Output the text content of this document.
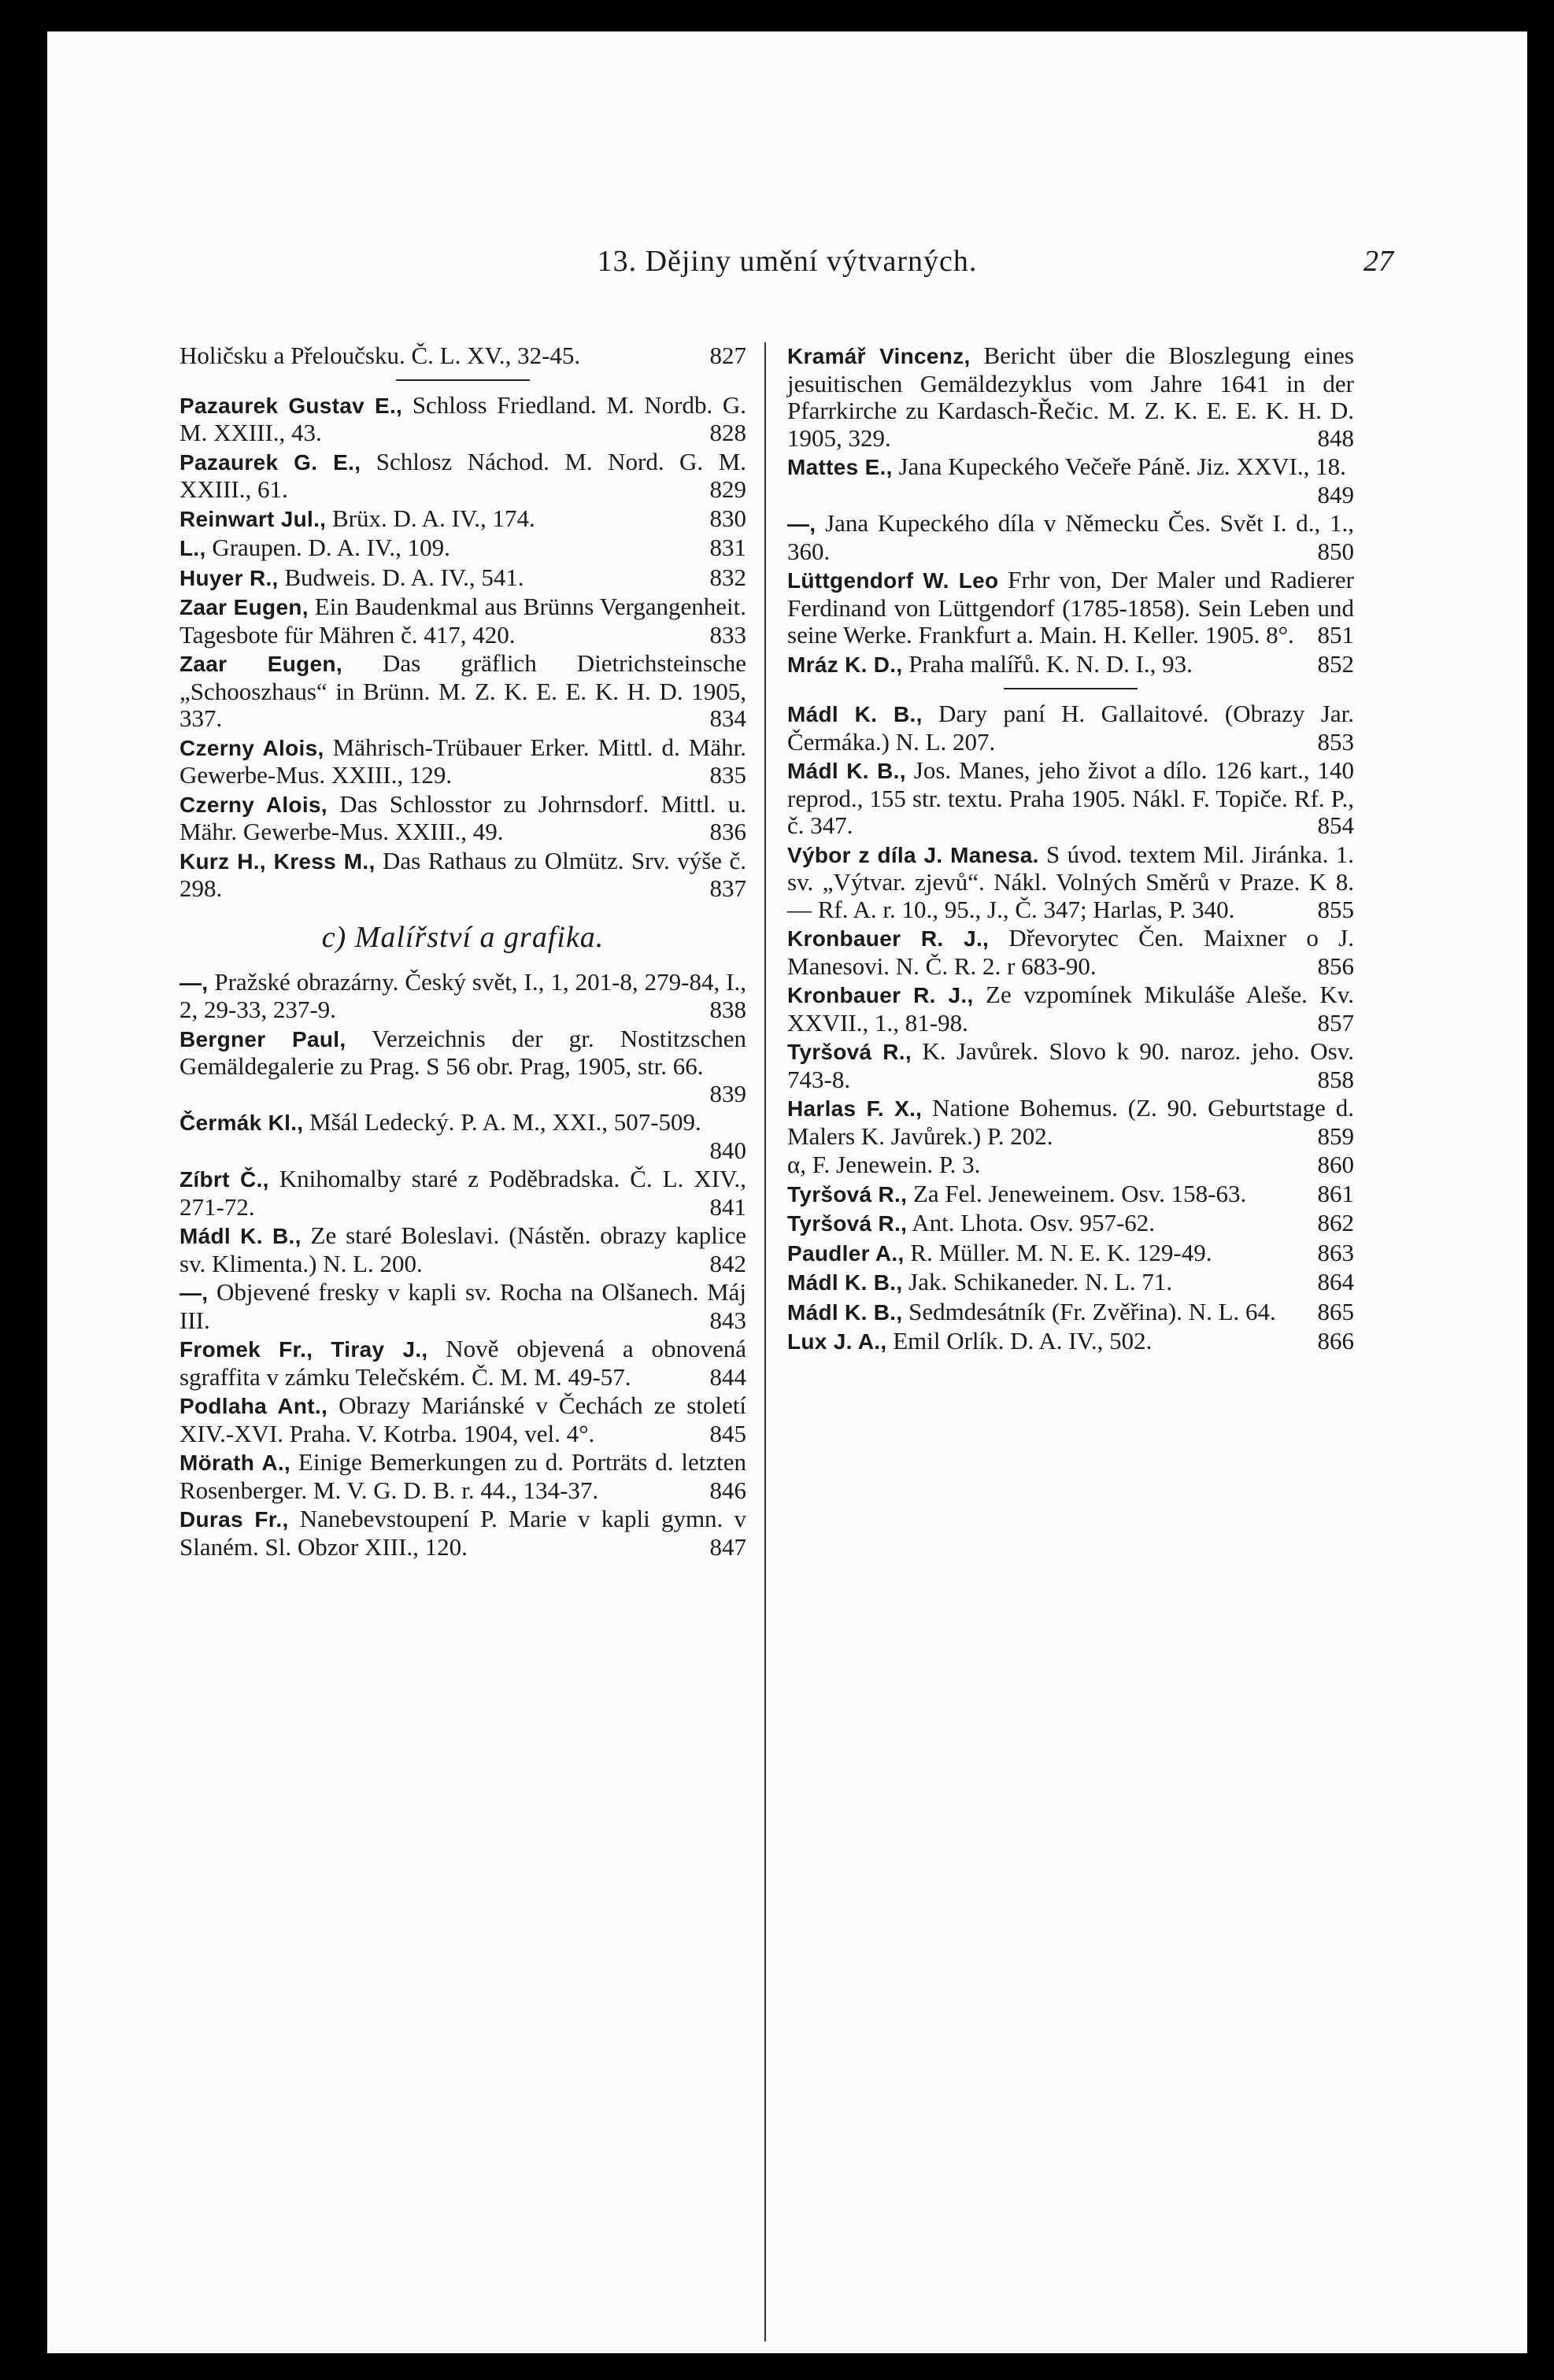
13. Dějiny umění výtvarných.	27

Holičsku a Přeloučsku. Č. L. XV., 32-45.	827

Pazaurek Gustav E., Schloss Friedland. M. Nordb. G. M. XXIII., 43.	828

Pazaurek G. E., Schlosz Náchod. M. Nord. G. M. XXIII., 61.	829

Reinwart Jul., Brüx. D. A. IV., 174.	830

L., Graupen. D. A. IV., 109.	831

Huyer R., Budweis. D. A. IV., 541.	832

Zaar Eugen, Ein Baudenkmal aus Brünns Vergangenheit. Tagesbote für Mähren č. 417, 420.	833

Zaar Eugen, Das gräflich Dietrichsteinsche „Schooszhaus“ in Brünn. M. Z. K. E. E. K. H. D. 1905, 337.	834

Czerny Alois, Mährisch-Trübauer Erker. Mittl. d. Mähr. Gewerbe-Mus. XXIII., 129.	835

Czerny Alois, Das Schlosstor zu Johrnsdorf. Mittl. u. Mähr. Gewerbe-Mus. XXIII., 49.	836

Kurz H., Kress M., Das Rathaus zu Olmütz. Srv. výše č. 298.	837

c) Malířství a grafika.

—, Pražské obrazárny. Český svět, I., 1, 201-8, 279-84, I., 2, 29-33, 237-9.	838

Bergner Paul, Verzeichnis der gr. Nostitzschen Gemäldegalerie zu Prag. S 56 obr. Prag, 1905, str. 66.
839

Čermák Kl., Mšál Ledecký. P. A. M., XXI., 507-509.
840

Zíbrt Č., Knihomalby staré z Poděbradska. Č. L. XIV., 271-72.	841

Mádl K. B., Ze staré Boleslavi. (Nástěn. obrazy kaplice sv. Klimenta.) N. L. 200.	842

—, Objevené fresky v kapli sv. Rocha na Olšanech. Máj III.	843

Fromek Fr., Tiray J., Nově objevená a obnovená sgraffita v zámku Telečském. Č. M. M. 49-57.	844

Podlaha Ant., Obrazy Mariánské v Čechách ze století XIV.-XVI. Praha. V. Kotrba. 1904, vel. 4°.	845

Mörath A., Einige Bemerkungen zu d. Porträts d. letzten Rosenberger. M. V. G. D. B. r. 44., 134-37.	846

Duras Fr., Nanebevstoupení P. Marie v kapli gymn. v Slaném. Sl. Obzor XIII., 120.	847

Kramář Vincenz, Bericht über die Bloszlegung eines jesuitischen Gemäldezyklus vom Jahre 1641 in der Pfarrkirche zu Kardasch-Řečic. M. Z. K. E. E. K. H. D. 1905, 329.	848

Mattes E., Jana Kupeckého Večeře Páně. Jiz. XXVI., 18.
849

—, Jana Kupeckého díla v Německu Čes. Svět I. d., 1., 360.	850

Lüttgendorf W. Leo Frhr von, Der Maler und Radierer Ferdinand von Lüttgendorf (1785-1858). Sein Leben und seine Werke. Frankfurt a. Main. H. Keller. 1905. 8°. 851

Mráz K. D., Praha malířů. K. N. D. I., 93.	852

Mádl K. B., Dary paní H. Gallaitové. (Obrazy Jar. Čermáka.) N. L. 207.	853

Mádl K. B., Jos. Manes, jeho život a dílo. 126 kart., 140 reprod., 155 str. textu. Praha 1905. Nákl. F. Topiče. Rf. P., č. 347.	854

Výbor z díla J. Manesa. S úvod. textem Mil. Jiránka. 1. sv. „Výtvar. zjevů“. Nákl. Volných Směrů v Praze. K 8. — Rf. A. r. 10., 95., J., Č. 347; Harlas, P. 340.	855

Kronbauer R. J., Dřevorytec Čen. Maixner o J. Manesovi. N. Č. R. 2. r 683-90.	856

Kronbauer R. J., Ze vzpomínek Mikuláše Aleše. Kv. XXVII., 1., 81-98.	857

Tyršová R., K. Javůrek. Slovo k 90. naroz. jeho. Osv. 743-8.	858

Harlas F. X., Natione Bohemus. (Z. 90. Geburtstage d. Malers K. Javůrek.) P. 202.	859

α, F. Jenewein. P. 3.	860

Tyršová R., Za Fel. Jeneweinem. Osv. 158-63.	861

Tyršová R., Ant. Lhota. Osv. 957-62.	862

Paudler A., R. Müller. M. N. E. K. 129-49.	863

Mádl K. B., Jak. Schikaneder. N. L. 71.	864

Mádl K. B., Sedmdesátník (Fr. Zvěřina). N. L. 64.	865

Lux J. A., Emil Orlík. D. A. IV., 502.	866
